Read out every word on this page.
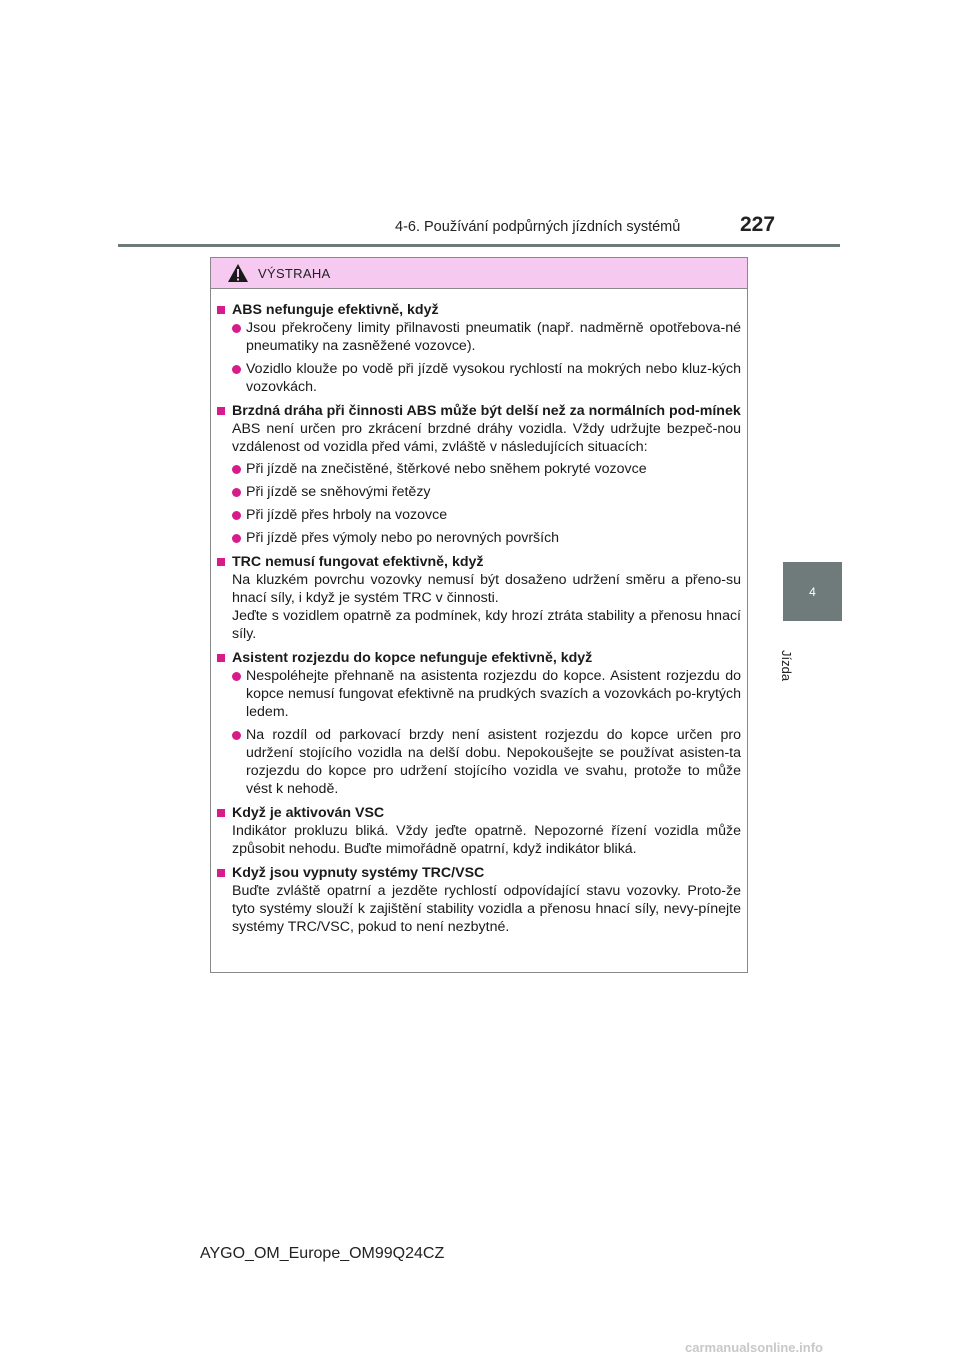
4-6. Používání podpůrných jízdních systémů	227
4
Jízda
VÝSTRAHA
ABS nefunguje efektivně, když
Jsou překročeny limity přilnavosti pneumatik (např. nadměrně opotřebova-né pneumatiky na zasněžené vozovce).
Vozidlo klouže po vodě při jízdě vysokou rychlostí na mokrých nebo kluz-kých vozovkách.
Brzdná dráha při činnosti ABS může být delší než za normálních pod-mínek
ABS není určen pro zkrácení brzdné dráhy vozidla. Vždy udržujte bezpeč-nou vzdálenost od vozidla před vámi, zvláště v následujících situacích:
Při jízdě na znečistěné, štěrkové nebo sněhem pokryté vozovce
Při jízdě se sněhovými řetězy
Při jízdě přes hrboly na vozovce
Při jízdě přes výmoly nebo po nerovných površích
TRC nemusí fungovat efektivně, když
Na kluzkém povrchu vozovky nemusí být dosaženo udržení směru a přeno-su hnací síly, i když je systém TRC v činnosti.
Jeďte s vozidlem opatrně za podmínek, kdy hrozí ztráta stability a přenosu hnací síly.
Asistent rozjezdu do kopce nefunguje efektivně, když
Nespoléhejte přehnaně na asistenta rozjezdu do kopce. Asistent rozjezdu do kopce nemusí fungovat efektivně na prudkých svazích a vozovkách po-krytých ledem.
Na rozdíl od parkovací brzdy není asistent rozjezdu do kopce určen pro udržení stojícího vozidla na delší dobu. Nepokoušejte se používat asisten-ta rozjezdu do kopce pro udržení stojícího vozidla ve svahu, protože to může vést k nehodě.
Když je aktivován VSC
Indikátor prokluzu bliká. Vždy jeďte opatrně. Nepozorné řízení vozidla může způsobit nehodu. Buďte mimořádně opatrní, když indikátor bliká.
Když jsou vypnuty systémy TRC/VSC
Buďte zvláště opatrní a jezděte rychlostí odpovídající stavu vozovky. Proto-že tyto systémy slouží k zajištění stability vozidla a přenosu hnací síly, nevy-pínejte systémy TRC/VSC, pokud to není nezbytné.
AYGO_OM_Europe_OM99Q24CZ
carmanualsonline.info
